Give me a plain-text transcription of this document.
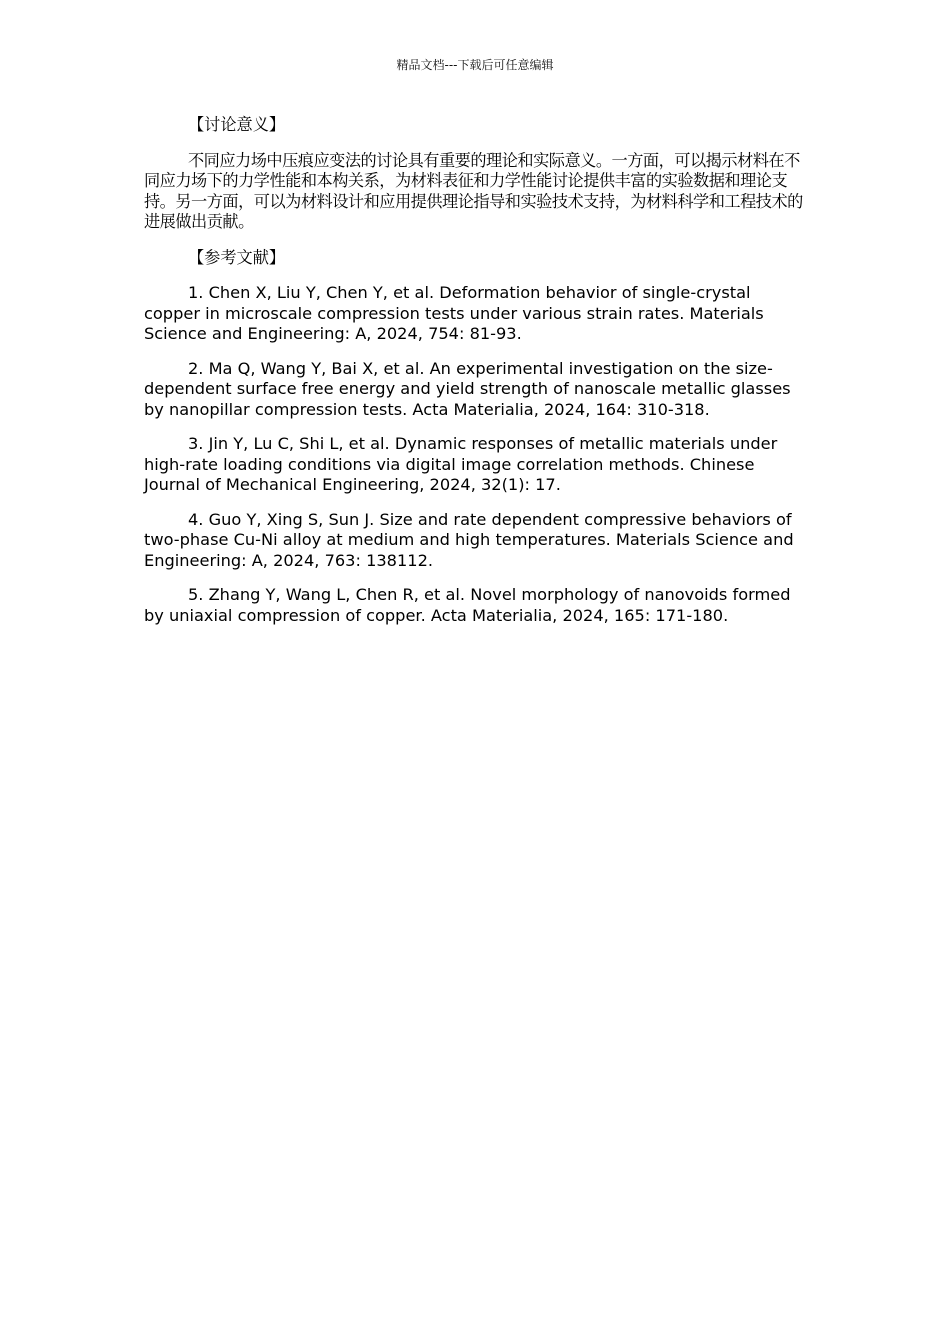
精品文档---下载后可任意编辑
【讨论意义】

不同应力场中压痕应变法的讨论具有重要的理论和实际意义。一方面，可以揭示材料在不同应力场下的力学性能和本构关系，为材料表征和力学性能讨论提供丰富的实验数据和理论支持。另一方面，可以为材料设计和应用提供理论指导和实验技术支持，为材料科学和工程技术的进展做出贡献。

【参考文献】

1. Chen X, Liu Y, Chen Y, et al. Deformation behavior of single-crystal copper in microscale compression tests under various strain rates. Materials Science and Engineering: A, 2024, 754: 81-93.

2. Ma Q, Wang Y, Bai X, et al. An experimental investigation on the size-dependent surface free energy and yield strength of nanoscale metallic glasses by nanopillar compression tests. Acta Materialia, 2024, 164: 310-318.

3. Jin Y, Lu C, Shi L, et al. Dynamic responses of metallic materials under high-rate loading conditions via digital image correlation methods. Chinese Journal of Mechanical Engineering, 2024, 32(1): 17.

4. Guo Y, Xing S, Sun J. Size and rate dependent compressive behaviors of two-phase Cu-Ni alloy at medium and high temperatures. Materials Science and Engineering: A, 2024, 763: 138112.

5. Zhang Y, Wang L, Chen R, et al. Novel morphology of nanovoids formed by uniaxial compression of copper. Acta Materialia, 2024, 165: 171-180.
